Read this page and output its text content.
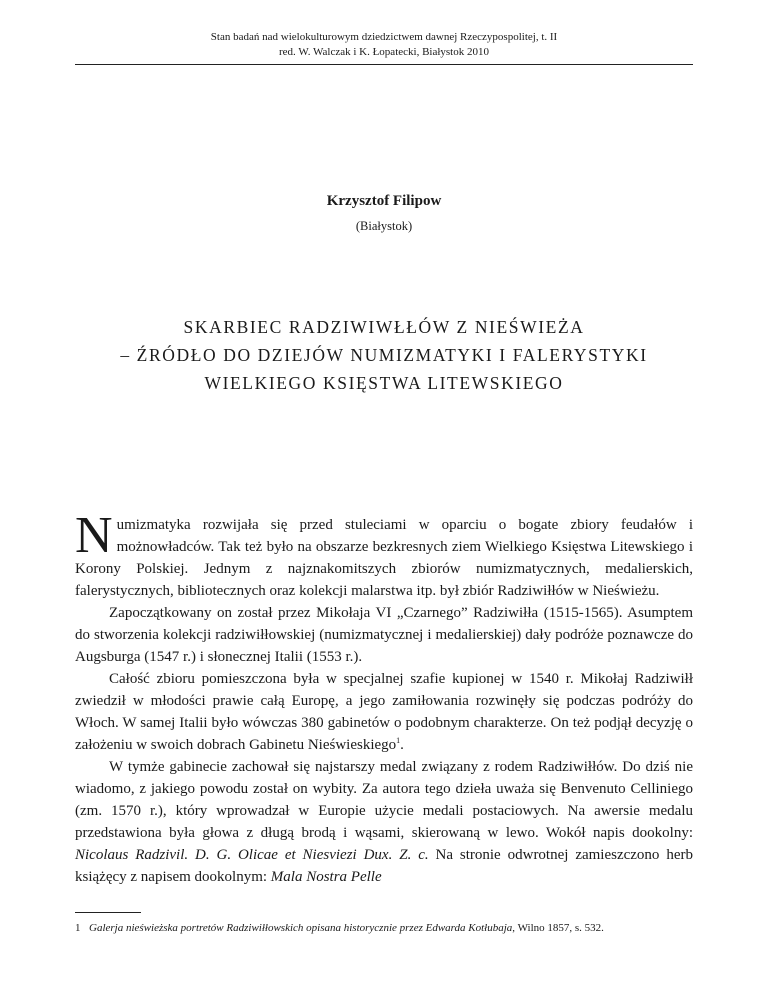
Stan badań nad wielokulturowym dziedzictwem dawnej Rzeczypospolitej, t. II
red. W. Walczak i K. Łopatecki, Białystok 2010
Krzysztof Filipow
(Białystok)
SKARBIEC RADZIWIWŁŁÓW Z NIEŚWIEŻA
– ŹRÓDŁO DO DZIEJÓW NUMIZMATYKI I FALERYSTYKI
WIELKIEGO KSIĘSTWA LITEWSKIEGO

Numizmatyka rozwijała się przed stuleciami w oparciu o bogate zbiory feudałów i możnowładców. Tak też było na obszarze bezkresnych ziem Wielkiego Księstwa Litewskiego i Korony Polskiej. Jednym z najznakomitszych zbiorów numizmatycznych, medalierskich, falerystycznych, bibliotecznych oraz kolekcji malarstwa itp. był zbiór Radziwiłłów w Nieświeżu.

Zapoczątkowany on został przez Mikołaja VI „Czarnego” Radziwiłła (1515-1565). Asumptem do stworzenia kolekcji radziwiłłowskiej (numizmatycznej i medalierskiej) dały podróże poznawcze do Augsburga (1547 r.) i słonecznej Italii (1553 r.).

Całość zbioru pomieszczona była w specjalnej szafie kupionej w 1540 r. Mikołaj Radziwiłł zwiedził w młodości prawie całą Europę, a jego zamiłowania rozwinęły się podczas podróży do Włoch. W samej Italii było wówczas 380 gabinetów o podobnym charakterze. On też podjął decyzję o założeniu w swoich dobrach Gabinetu Nieświeskiego$^1$.

W tymże gabinecie zachował się najstarszy medal związany z rodem Radziwiłłów. Do dziś nie wiadomo, z jakiego powodu został on wybity. Za autora tego dzieła uważa się Benvenuto Celliniego (zm. 1570 r.), który wprowadzał w Europie użycie medali postaciowych. Na awersie medalu przedstawiona była głowa z długą brodą i wąsami, skierowaną w lewo. Wokół napis dookolny: Nicolaus Radzivil. D. G. Olicae et Niesviezi Dux. Z. c. Na stronie odwrotnej zamieszczono herb książęcy z napisem dookolnym: Mala Nostra Pelle

1 Galerja nieświeżska portretów Radziwiłłowskich opisana historycznie przez Edwarda Kotłubaja, Wilno 1857, s. 532.
